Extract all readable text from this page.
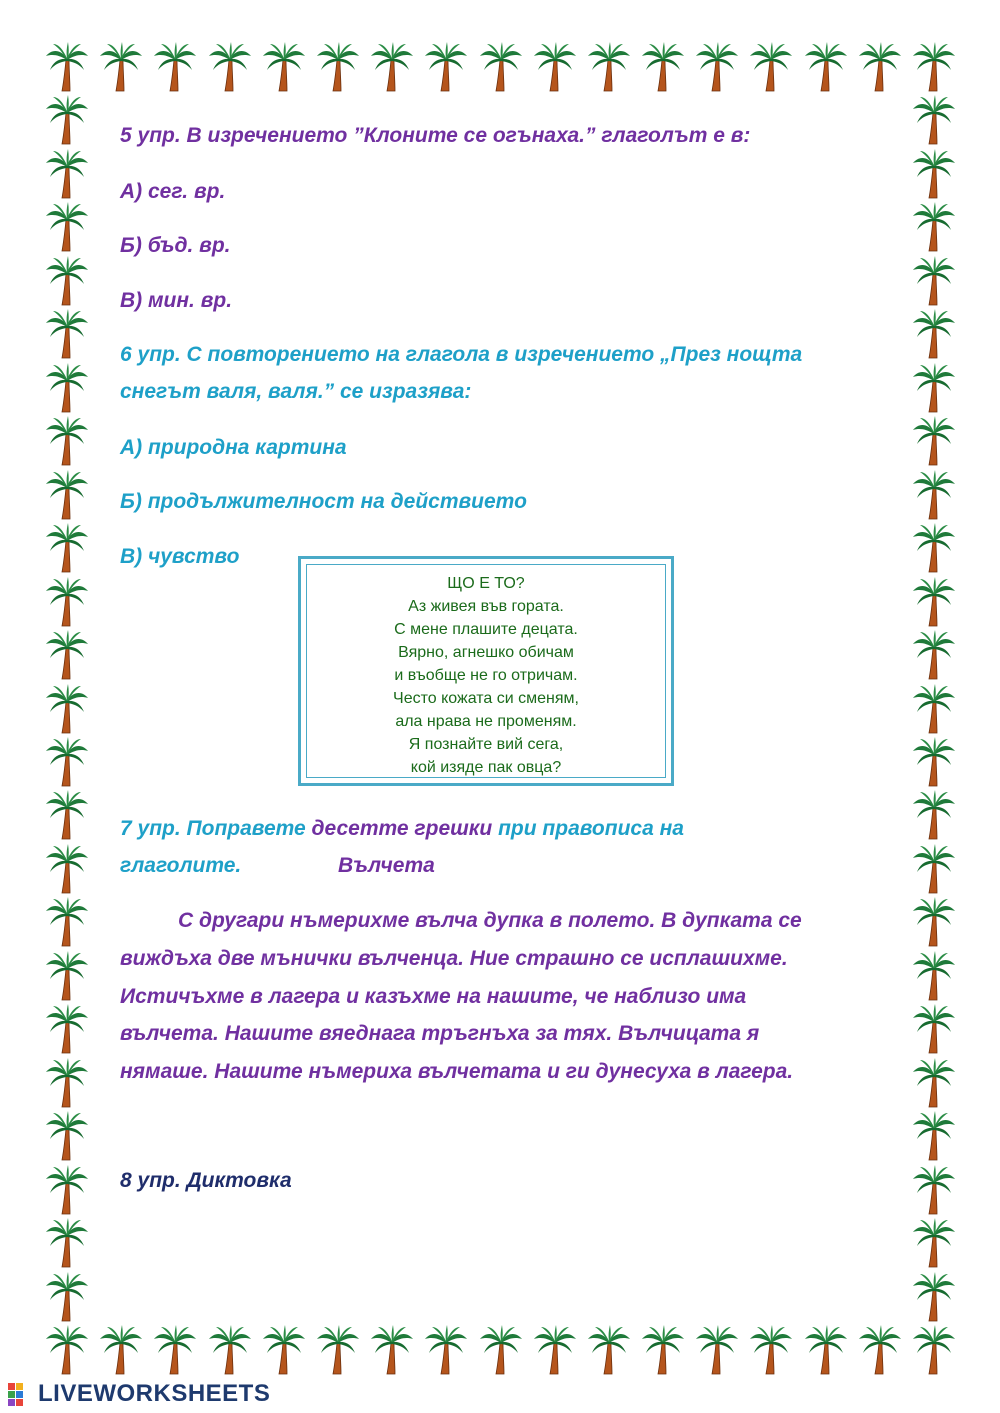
5 упр. В изречението ”Клоните се огънаха.” глаголът е в:
А) сег. вр.
Б) бъд. вр.
В) мин. вр.
6 упр. С повторението на глагола в изречението „През нощта
снегът валя, валя.” се изразява:
А) природна картина
Б) продължителност на действието
В) чувство
ЩО Е ТО?
Аз живея във гората.
С мене плашите децата.
Вярно, агнешко обичам
и въобще не го отричам.
Често кожата си сменям,
ала нрава не променям.
Я познайте вий сега,
кой изяде пак овца?
7 упр. Поправете десетте грешки при правописа на
глаголите.	Вълчета
С другари нъмерихме вълча дупка в полето. В дупката се
виждъха две мънички вълченца. Ние страшно се исплашихме.
Истичъхме в лагера и казъхме на нашите, че наблизо има
вълчета. Нашите вяеднага тръгнъха за тях. Вълчицата я
нямаше. Нашите нъмериха вълчетата и ги дунесуха в лагера.
8 упр. Диктовка
LIVEWORKSHEETS
